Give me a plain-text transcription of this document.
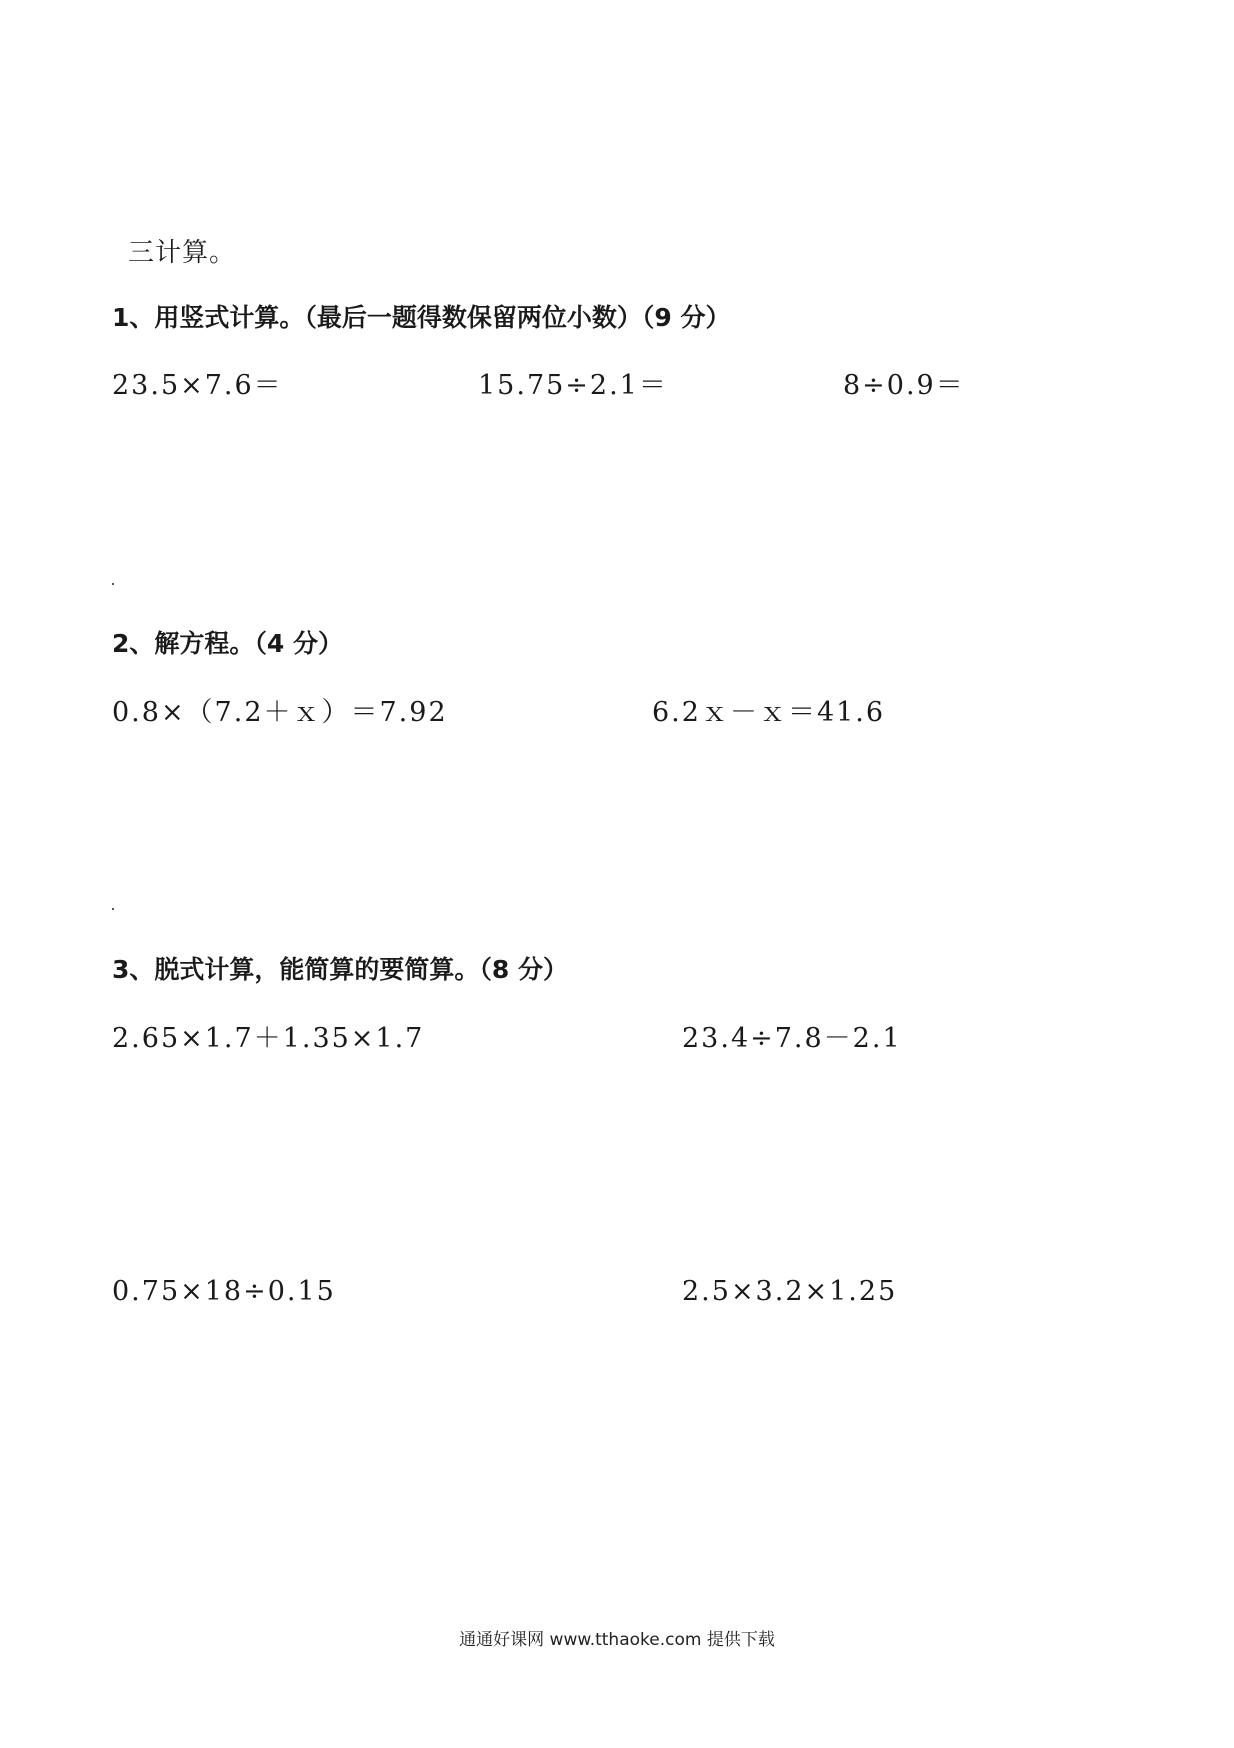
三计算。
1、用竖式计算。（最后一题得数保留两位小数）（9 分）
23.5×7.6＝	15.75÷2.1＝	8÷0.9＝
2、解方程。（4 分）
0.8×（7.2＋ｘ）＝7.92	6.2ｘ－ｘ＝41.6
3、脱式计算，能简算的要简算。（8 分）
2.65×1.7＋1.35×1.7	23.4÷7.8－2.1
0.75×18÷0.15	2.5×3.2×1.25
通通好课网 www.tthaoke.com 提供下载
